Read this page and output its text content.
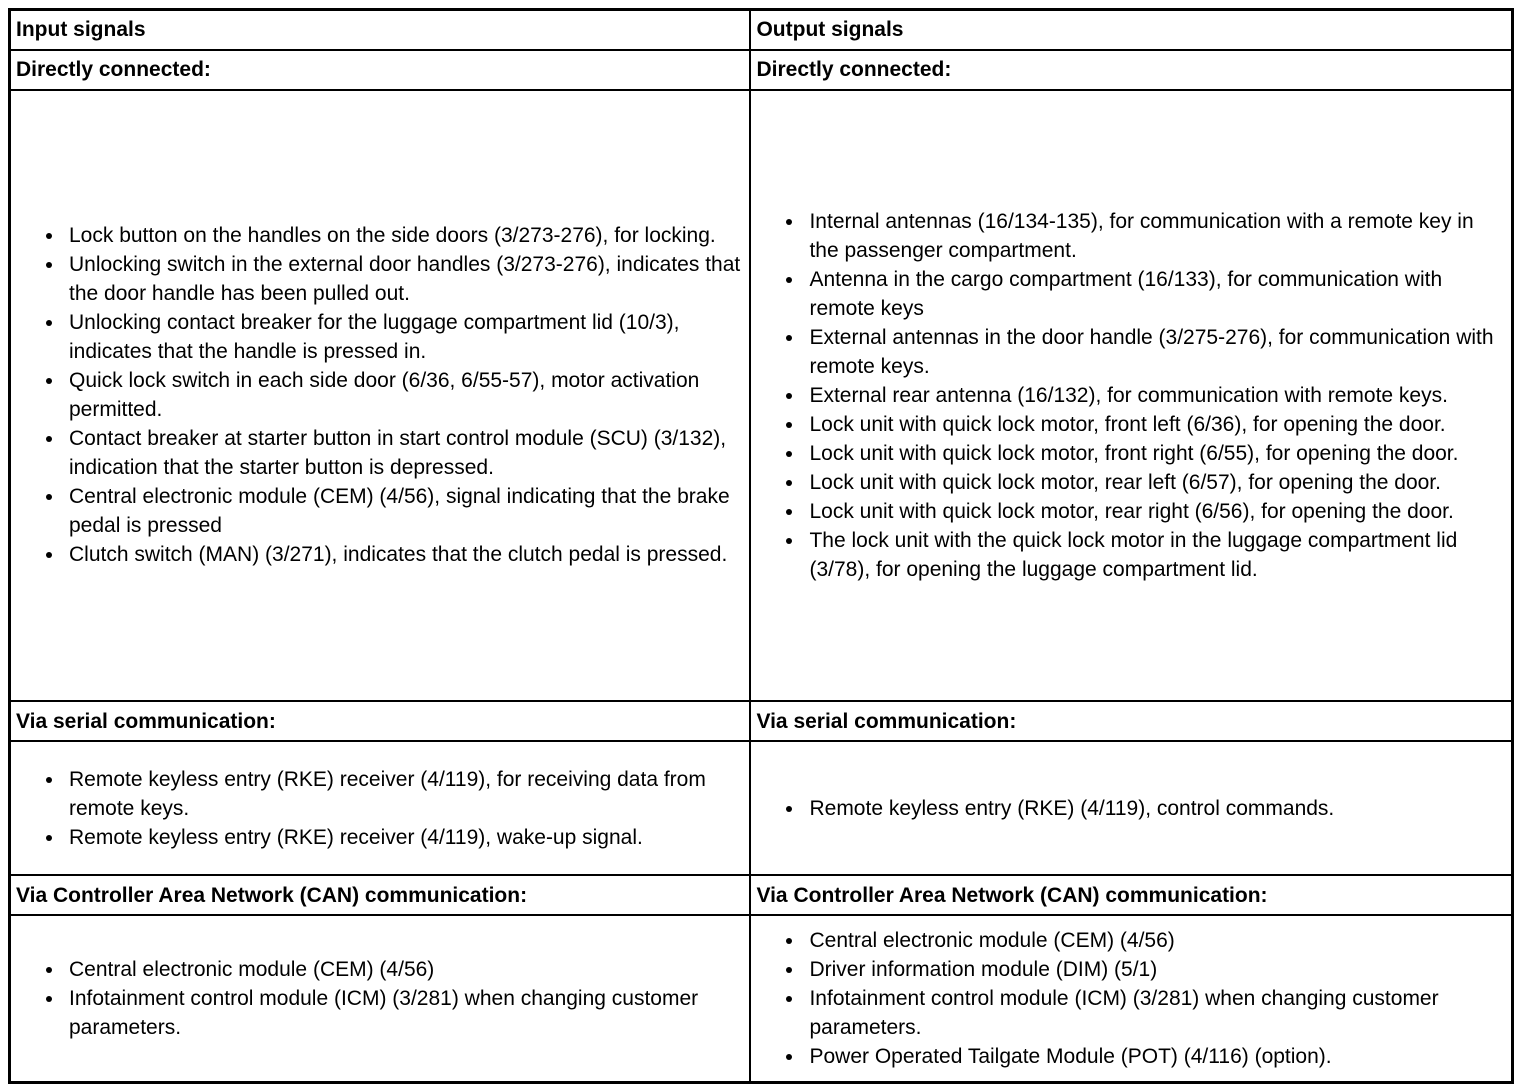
Input signals	Output signals
Directly connected:	Directly connected:

• Lock button on the handles on the side doors (3/273-276), for locking.
• Unlocking switch in the external door handles (3/273-276), indicates that the door handle has been pulled out.
• Unlocking contact breaker for the luggage compartment lid (10/3), indicates that the handle is pressed in.
• Quick lock switch in each side door (6/36, 6/55-57), motor activation permitted.
• Contact breaker at starter button in start control module (SCU) (3/132), indication that the starter button is depressed.
• Central electronic module (CEM) (4/56), signal indicating that the brake pedal is pressed
• Clutch switch (MAN) (3/271), indicates that the clutch pedal is pressed.

• Internal antennas (16/134-135), for communication with a remote key in the passenger compartment.
• Antenna in the cargo compartment (16/133), for communication with remote keys
• External antennas in the door handle (3/275-276), for communication with remote keys.
• External rear antenna (16/132), for communication with remote keys.
• Lock unit with quick lock motor, front left (6/36), for opening the door.
• Lock unit with quick lock motor, front right (6/55), for opening the door.
• Lock unit with quick lock motor, rear left (6/57), for opening the door.
• Lock unit with quick lock motor, rear right (6/56), for opening the door.
• The lock unit with the quick lock motor in the luggage compartment lid (3/78), for opening the luggage compartment lid.

Via serial communication:	Via serial communication:

• Remote keyless entry (RKE) receiver (4/119), for receiving data from remote keys.
• Remote keyless entry (RKE) receiver (4/119), wake-up signal.

• Remote keyless entry (RKE) (4/119), control commands.

Via Controller Area Network (CAN) communication:	Via Controller Area Network (CAN) communication:

• Central electronic module (CEM) (4/56)
• Infotainment control module (ICM) (3/281) when changing customer parameters.

• Central electronic module (CEM) (4/56)
• Driver information module (DIM) (5/1)
• Infotainment control module (ICM) (3/281) when changing customer parameters.
• Power Operated Tailgate Module (POT) (4/116) (option).
